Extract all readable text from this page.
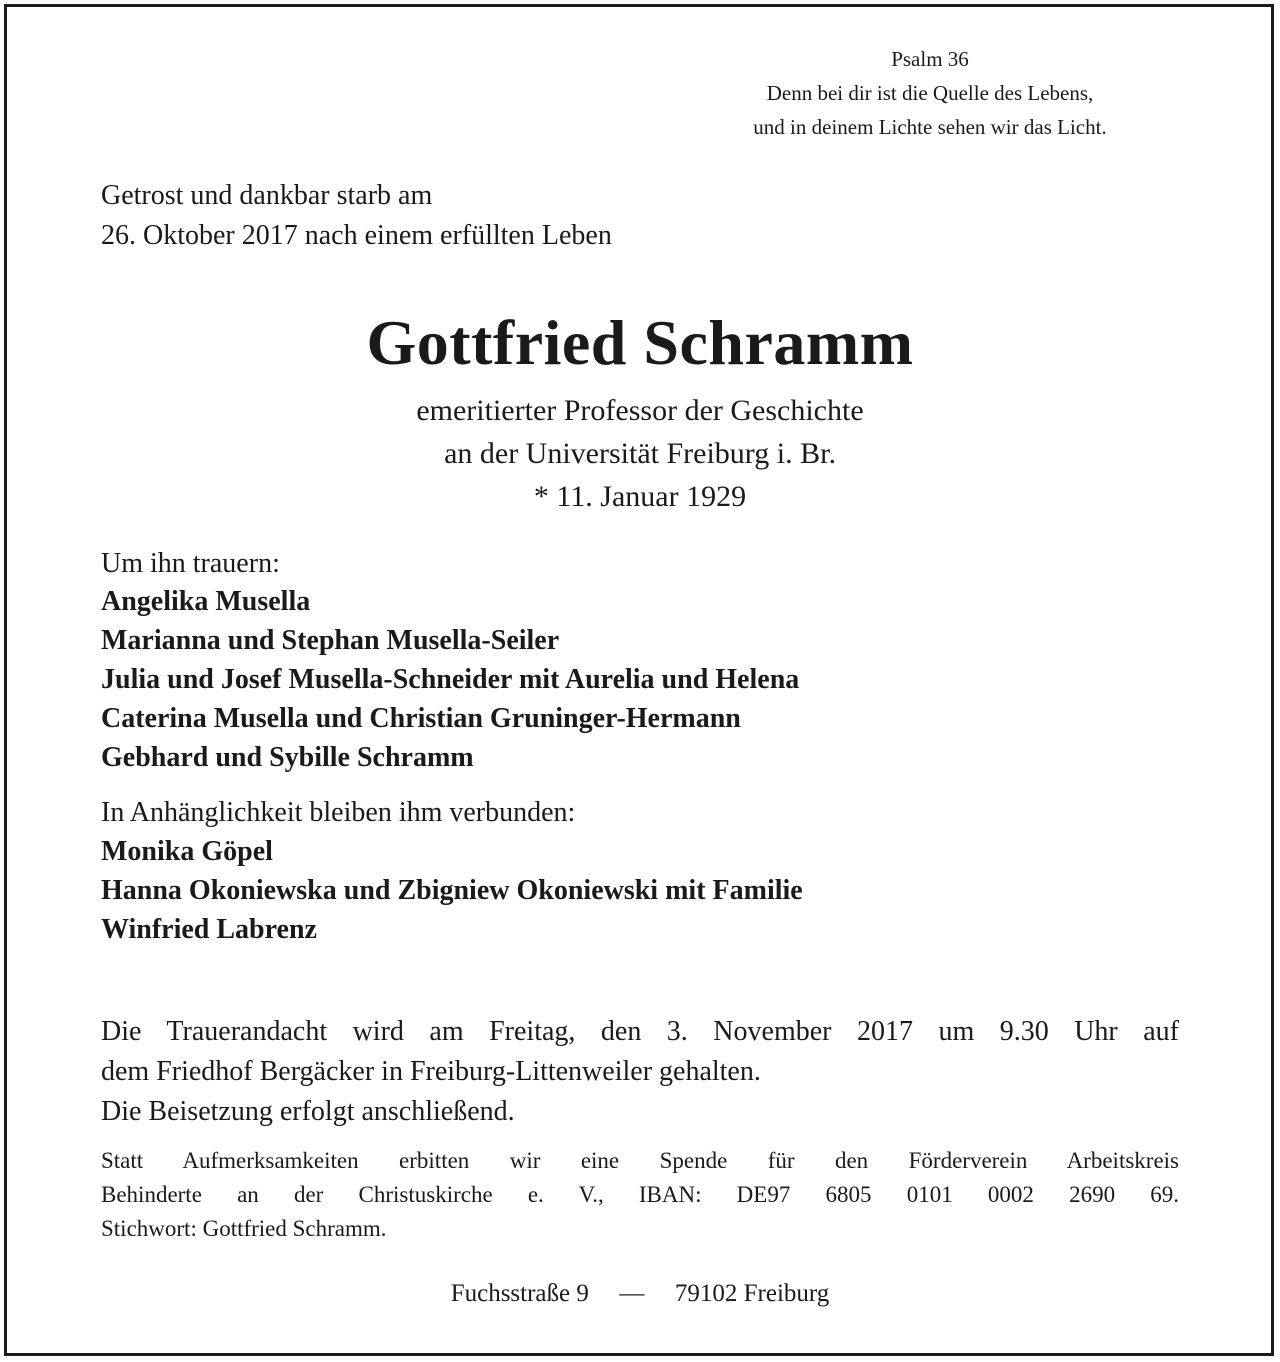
Psalm 36
Denn bei dir ist die Quelle des Lebens,
und in deinem Lichte sehen wir das Licht.
Getrost und dankbar starb am
26. Oktober 2017 nach einem erfüllten Leben
Gottfried Schramm
emeritierter Professor der Geschichte
an der Universität Freiburg i. Br.
* 11. Januar 1929
Um ihn trauern:
Angelika Musella
Marianna und Stephan Musella-Seiler
Julia und Josef Musella-Schneider mit Aurelia und Helena
Caterina Musella und Christian Gruninger-Hermann
Gebhard und Sybille Schramm
In Anhänglichkeit bleiben ihm verbunden:
Monika Göpel
Hanna Okoniewska und Zbigniew Okoniewski mit Familie
Winfried Labrenz
Die Trauerandacht wird am Freitag, den 3. November 2017 um 9.30 Uhr auf
dem Friedhof Bergäcker in Freiburg-Littenweiler gehalten.
Die Beisetzung erfolgt anschließend.
Statt Aufmerksamkeiten erbitten wir eine Spende für den Förderverein Arbeitskreis
Behinderte an der Christuskirche e. V., IBAN: DE97 6805 0101 0002 2690 69.
Stichwort: Gottfried Schramm.
Fuchsstraße 9 — 79102 Freiburg
